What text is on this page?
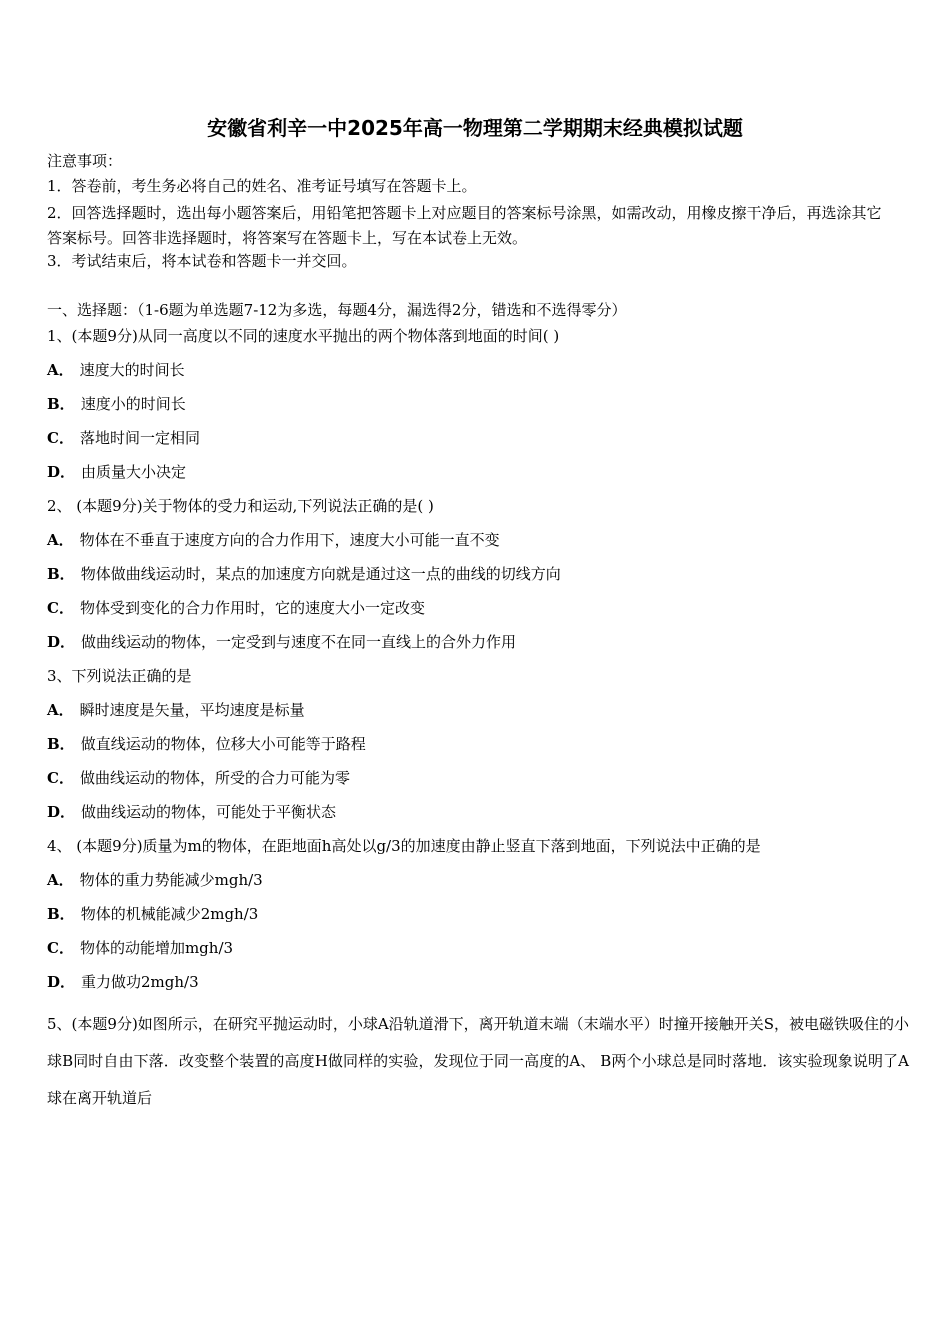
安徽省利辛一中2025年高一物理第二学期期末经典模拟试题
注意事项：
1．答卷前，考生务必将自己的姓名、准考证号填写在答题卡上。
2．回答选择题时，选出每小题答案后，用铅笔把答题卡上对应题目的答案标号涂黑，如需改动，用橡皮擦干净后，再选涂其它答案标号。回答非选择题时，将答案写在答题卡上，写在本试卷上无效。
3．考试结束后，将本试卷和答题卡一并交回。
一、选择题：（1-6题为单选题7-12为多选，每题4分，漏选得2分，错选和不选得零分）
1、(本题9分)从同一高度以不同的速度水平抛出的两个物体落到地面的时间( )
A． 速度大的时间长
B． 速度小的时间长
C． 落地时间一定相同
D． 由质量大小决定
2、 (本题9分)关于物体的受力和运动,下列说法正确的是( )
A． 物体在不垂直于速度方向的合力作用下，速度大小可能一直不变
B． 物体做曲线运动时，某点的加速度方向就是通过这一点的曲线的切线方向
C． 物体受到变化的合力作用时，它的速度大小一定改变
D． 做曲线运动的物体，一定受到与速度不在同一直线上的合外力作用
3、下列说法正确的是
A． 瞬时速度是矢量，平均速度是标量
B． 做直线运动的物体，位移大小可能等于路程
C． 做曲线运动的物体，所受的合力可能为零
D． 做曲线运动的物体，可能处于平衡状态
4、 (本题9分)质量为m的物体，在距地面h高处以g/3的加速度由静止竖直下落到地面，下列说法中正确的是
A． 物体的重力势能减少mgh/3
B． 物体的机械能减少2mgh/3
C． 物体的动能增加mgh/3
D． 重力做功2mgh/3
5、(本题9分)如图所示，在研究平抛运动时，小球A沿轨道滑下，离开轨道末端（末端水平）时撞开接触开关S，被电磁铁吸住的小球B同时自由下落．改变整个装置的高度H做同样的实验，发现位于同一高度的A、 B两个小球总是同时落地．该实验现象说明了A球在离开轨道后
